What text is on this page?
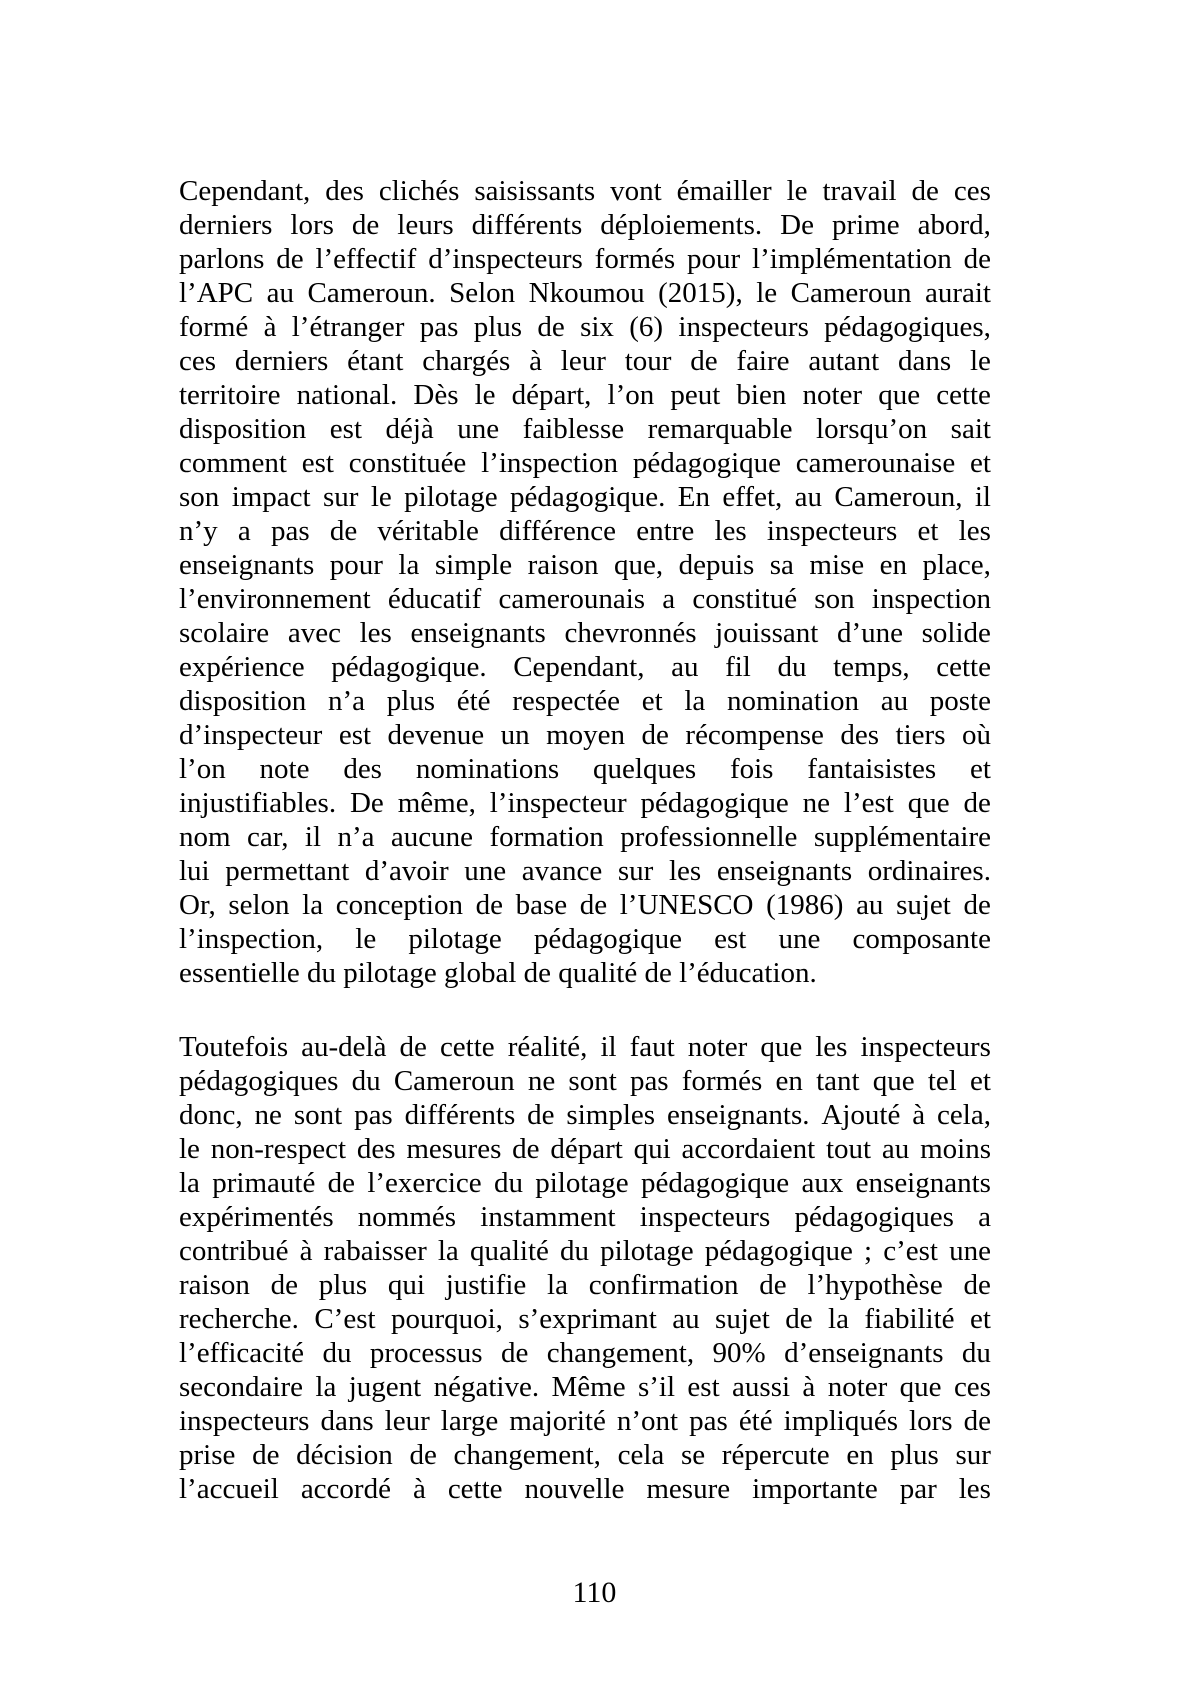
Cependant, des clichés saisissants vont émailler le travail de ces
derniers lors de leurs différents déploiements. De prime abord,
parlons de l’effectif d’inspecteurs formés pour l’implémentation de
l’APC au Cameroun. Selon Nkoumou (2015), le Cameroun aurait
formé à l’étranger pas plus de six (6) inspecteurs pédagogiques,
ces derniers étant chargés à leur tour de faire autant dans le
territoire national. Dès le départ, l’on peut bien noter que cette
disposition est déjà une faiblesse remarquable lorsqu’on sait
comment est constituée l’inspection pédagogique camerounaise et
son impact sur le pilotage pédagogique. En effet, au Cameroun, il
n’y a pas de véritable différence entre les inspecteurs et les
enseignants pour la simple raison que, depuis sa mise en place,
l’environnement éducatif camerounais a constitué son inspection
scolaire avec les enseignants chevronnés jouissant d’une solide
expérience pédagogique. Cependant, au fil du temps, cette
disposition n’a plus été respectée et la nomination au poste
d’inspecteur est devenue un moyen de récompense des tiers où
l’on note des nominations quelques fois fantaisistes et
injustifiables. De même, l’inspecteur pédagogique ne l’est que de
nom car, il n’a aucune formation professionnelle supplémentaire
lui permettant d’avoir une avance sur les enseignants ordinaires.
Or, selon la conception de base de l’UNESCO (1986) au sujet de
l’inspection, le pilotage pédagogique est une composante
essentielle du pilotage global de qualité de l’éducation.
Toutefois au-delà de cette réalité, il faut noter que les inspecteurs
pédagogiques du Cameroun ne sont pas formés en tant que tel et
donc, ne sont pas différents de simples enseignants. Ajouté à cela,
le non-respect des mesures de départ qui accordaient tout au moins
la primauté de l’exercice du pilotage pédagogique aux enseignants
expérimentés nommés instamment inspecteurs pédagogiques a
contribué à rabaisser la qualité du pilotage pédagogique ; c’est une
raison de plus qui justifie la confirmation de l’hypothèse de
recherche. C’est pourquoi, s’exprimant au sujet de la fiabilité et
l’efficacité du processus de changement, 90% d’enseignants du
secondaire la jugent négative. Même s’il est aussi à noter que ces
inspecteurs dans leur large majorité n’ont pas été impliqués lors de
prise de décision de changement, cela se répercute en plus sur
l’accueil accordé à cette nouvelle mesure importante par les
110
